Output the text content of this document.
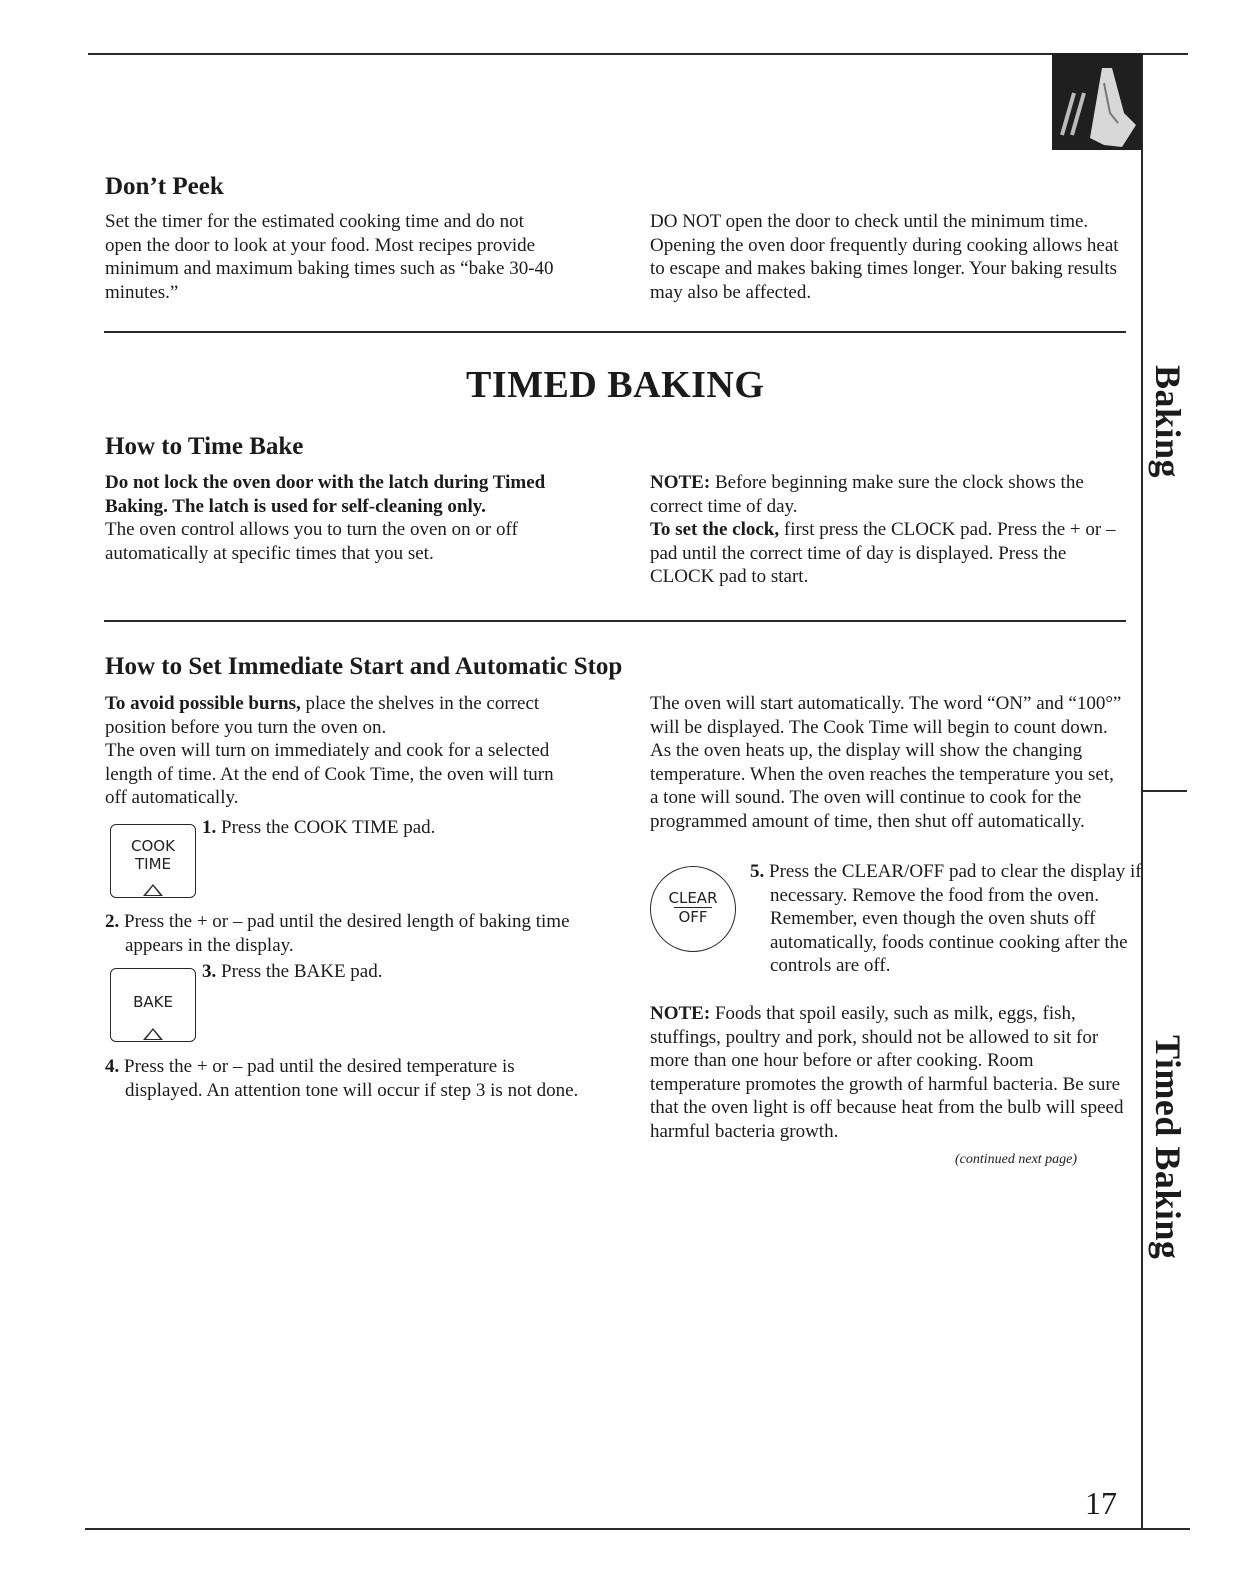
Don’t Peek

Set the timer for the estimated cooking time and do not open the door to look at your food. Most recipes provide minimum and maximum baking times such as “bake 30-40 minutes.”

DO NOT open the door to check until the minimum time. Opening the oven door frequently during cooking allows heat to escape and makes baking times longer. Your baking results may also be affected.

TIMED BAKING
How to Time Bake

Do not lock the oven door with the latch during Timed Baking. The latch is used for self-cleaning only.

The oven control allows you to turn the oven on or off automatically at specific times that you set.

NOTE: Before beginning make sure the clock shows the correct time of day.

To set the clock, first press the CLOCK pad. Press the + or – pad until the correct time of day is displayed. Press the CLOCK pad to start.

How to Set Immediate Start and Automatic Stop

To avoid possible burns, place the shelves in the correct position before you turn the oven on.

The oven will turn on immediately and cook for a selected length of time. At the end of Cook Time, the oven will turn off automatically.

COOK
TIME

1. Press the COOK TIME pad.

2. Press the + or – pad until the desired length of baking time appears in the display.

BAKE

3. Press the BAKE pad.

4. Press the + or – pad until the desired temperature is displayed. An attention tone will occur if step 3 is not done.

The oven will start automatically. The word “ON” and “100°” will be displayed. The Cook Time will begin to count down. As the oven heats up, the display will show the changing temperature. When the oven reaches the temperature you set, a tone will sound. The oven will continue to cook for the programmed amount of time, then shut off automatically.

CLEAR
OFF

5. Press the CLEAR/OFF pad to clear the display if necessary. Remove the food from the oven. Remember, even though the oven shuts off automatically, foods continue cooking after the controls are off.

NOTE: Foods that spoil easily, such as milk, eggs, fish, stuffings, poultry and pork, should not be allowed to sit for more than one hour before or after cooking. Room temperature promotes the growth of harmful bacteria. Be sure that the oven light is off because heat from the bulb will speed harmful bacteria growth.

(continued next page)
Baking
Timed Baking
17
